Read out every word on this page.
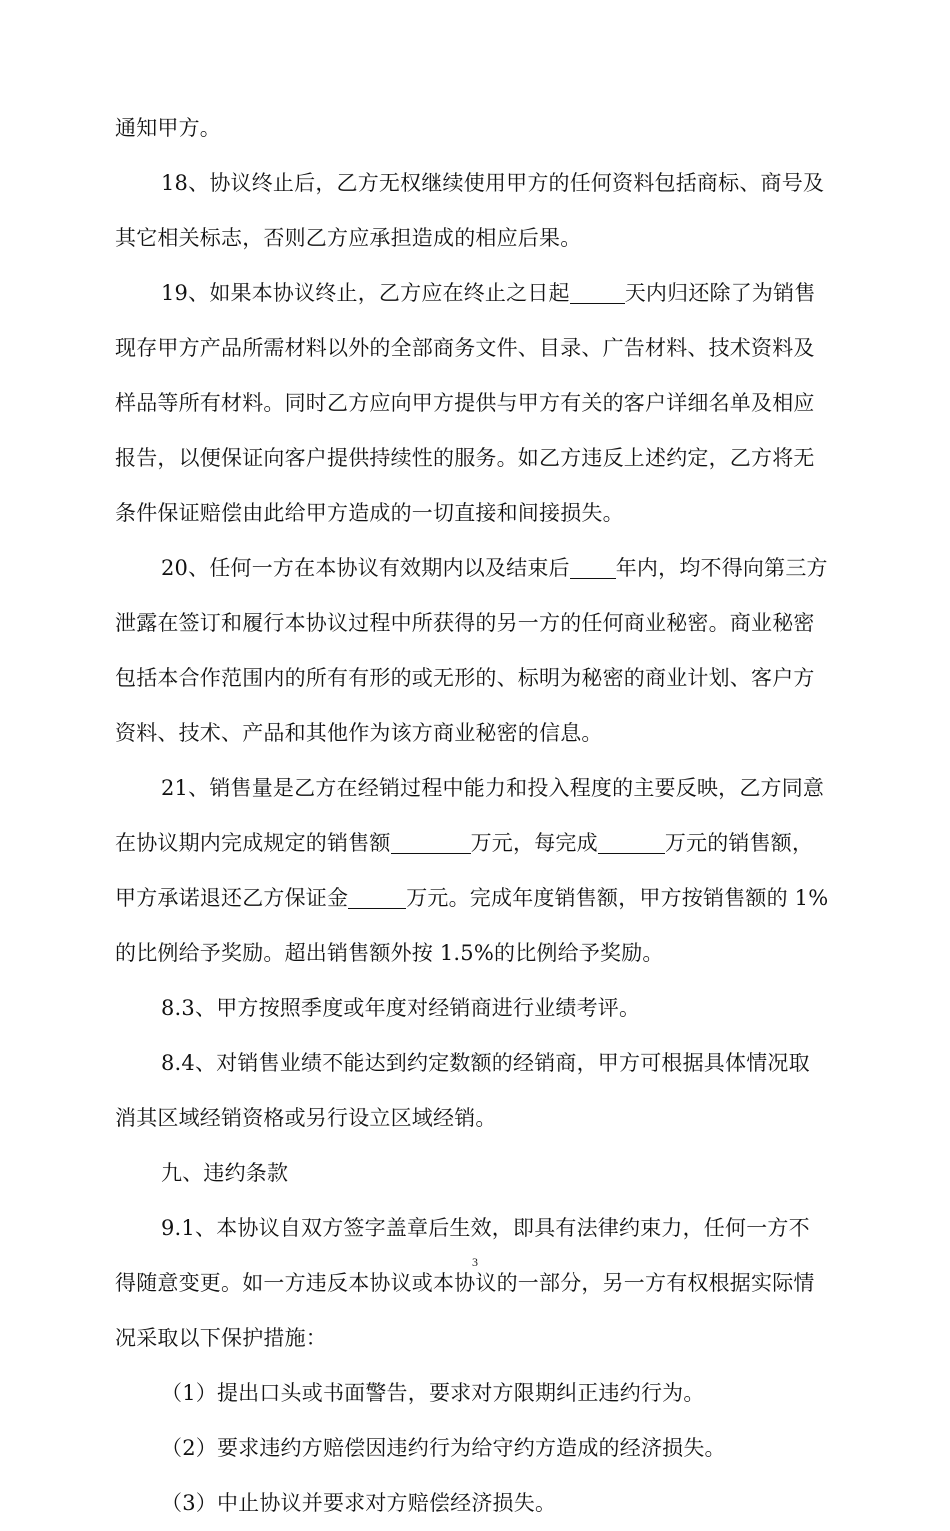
通知甲方。
18、协议终止后，乙方无权继续使用甲方的任何资料包括商标、商号及
其它相关标志，否则乙方应承担造成的相应后果。
19、如果本协议终止，乙方应在终止之日起	天内归还除了为销售
现存甲方产品所需材料以外的全部商务文件、目录、广告材料、技术资料及
样品等所有材料。同时乙方应向甲方提供与甲方有关的客户详细名单及相应
报告，以便保证向客户提供持续性的服务。如乙方违反上述约定，乙方将无
条件保证赔偿由此给甲方造成的一切直接和间接损失。
20、任何一方在本协议有效期内以及结束后 年内，均不得向第三方
泄露在签订和履行本协议过程中所获得的另一方的任何商业秘密。商业秘密
包括本合作范围内的所有有形的或无形的、标明为秘密的商业计划、客户方
资料、技术、产品和其他作为该方商业秘密的信息。
21、销售量是乙方在经销过程中能力和投入程度的主要反映，乙方同意
在协议期内完成规定的销售额	万元，每完成	万元的销售额，
甲方承诺退还乙方保证金	万元。完成年度销售额，甲方按销售额的 1%
的比例给予奖励。超出销售额外按 1.5%的比例给予奖励。
8.3、甲方按照季度或年度对经销商进行业绩考评。
8.4、对销售业绩不能达到约定数额的经销商，甲方可根据具体情况取
消其区域经销资格或另行设立区域经销。
九、违约条款
9.1、本协议自双方签字盖章后生效，即具有法律约束力，任何一方不
得随意变更。如一方违反本协议或本协议的一部分，另一方有权根据实际情
况采取以下保护措施：
（1）提出口头或书面警告，要求对方限期纠正违约行为。
（2）要求违约方赔偿因违约行为给守约方造成的经济损失。
（3）中止协议并要求对方赔偿经济损失。
3
